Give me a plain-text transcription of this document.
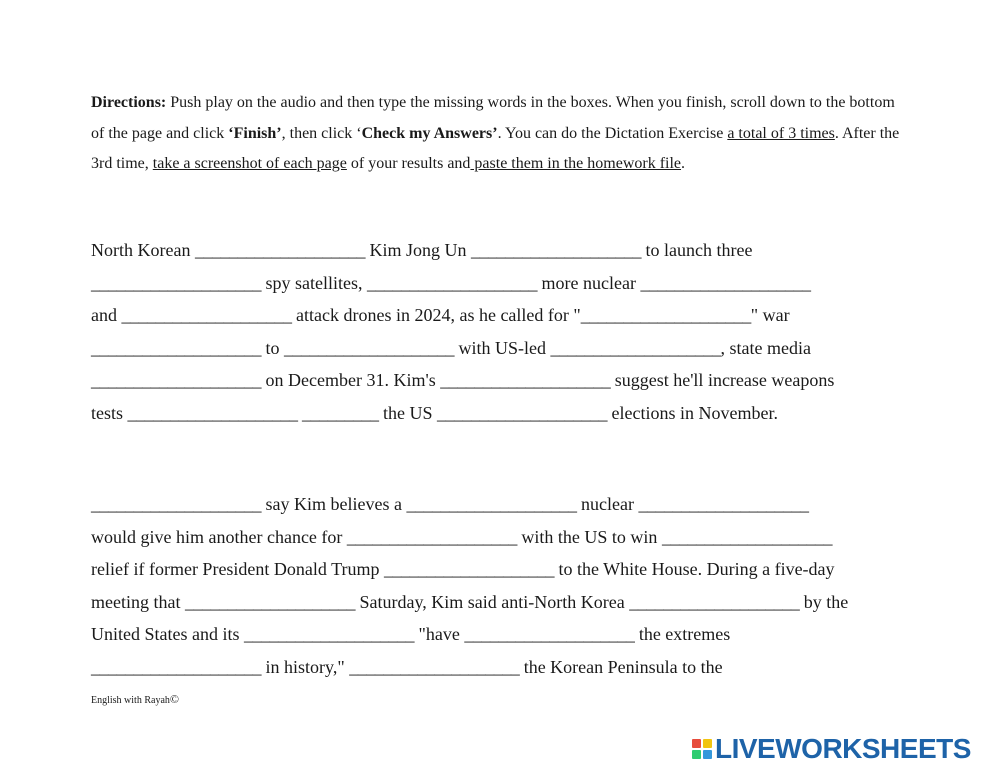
Directions: Push play on the audio and then type the missing words in the boxes. When you finish, scroll down to the bottom of the page and click ‘Finish’, then click ‘Check my Answers’. You can do the Dictation Exercise a total of 3 times. After the 3rd time, take a screenshot of each page of your results and paste them in the homework file.
North Korean ____________________ Kim Jong Un ____________________ to launch three
____________________ spy satellites, ____________________ more nuclear ____________________
and ____________________ attack drones in 2024, as he called for "____________________" war
____________________ to ____________________ with US-led ____________________, state media
____________________ on December 31. Kim's ____________________ suggest he'll increase weapons
tests ____________________ _________ the US ____________________ elections in November.
____________________ say Kim believes a ____________________ nuclear ____________________
would give him another chance for ____________________ with the US to win ____________________
relief if former President Donald Trump ____________________ to the White House. During a five-day
meeting that ____________________ Saturday, Kim said anti-North Korea ____________________ by the
United States and its ____________________ "have ____________________ the extremes
____________________ in history," ____________________ the Korean Peninsula to the
English with Rayah©
LIVEWORKSHEETS
